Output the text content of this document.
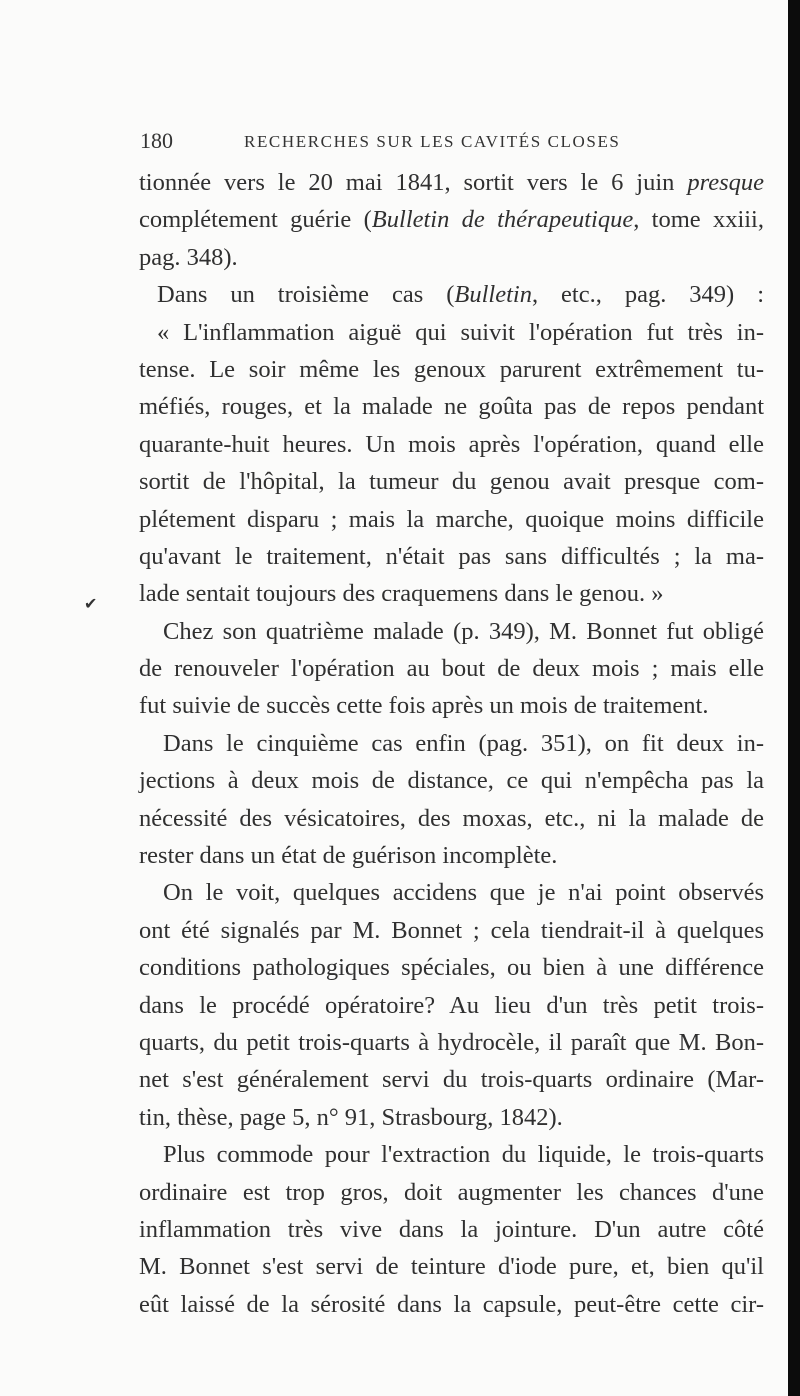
180	RECHERCHES SUR LES CAVITÉS CLOSES
✔
tionnée vers le 20 mai 1841, sortit vers le 6 juin presque
complétement guérie (Bulletin de thérapeutique, tome xxiii,
pag. 348).
Dans un troisième cas (Bulletin, etc., pag. 349) :
« L'inflammation aiguë qui suivit l'opération fut très in-
tense. Le soir même les genoux parurent extrêmement tu-
méfiés, rouges, et la malade ne goûta pas de repos pendant
quarante-huit heures. Un mois après l'opération, quand elle
sortit de l'hôpital, la tumeur du genou avait presque com-
plétement disparu ; mais la marche, quoique moins difficile
qu'avant le traitement, n'était pas sans difficultés ; la ma-
lade sentait toujours des craquemens dans le genou. »
Chez son quatrième malade (p. 349), M. Bonnet fut obligé
de renouveler l'opération au bout de deux mois ; mais elle
fut suivie de succès cette fois après un mois de traitement.
Dans le cinquième cas enfin (pag. 351), on fit deux in-
jections à deux mois de distance, ce qui n'empêcha pas la
nécessité des vésicatoires, des moxas, etc., ni la malade de
rester dans un état de guérison incomplète.
On le voit, quelques accidens que je n'ai point observés
ont été signalés par M. Bonnet ; cela tiendrait-il à quelques
conditions pathologiques spéciales, ou bien à une différence
dans le procédé opératoire? Au lieu d'un très petit trois-
quarts, du petit trois-quarts à hydrocèle, il paraît que M. Bon-
net s'est généralement servi du trois-quarts ordinaire (Mar-
tin, thèse, page 5, n° 91, Strasbourg, 1842).
Plus commode pour l'extraction du liquide, le trois-quarts
ordinaire est trop gros, doit augmenter les chances d'une
inflammation très vive dans la jointure. D'un autre côté
M. Bonnet s'est servi de teinture d'iode pure, et, bien qu'il
eût laissé de la sérosité dans la capsule, peut-être cette cir-
